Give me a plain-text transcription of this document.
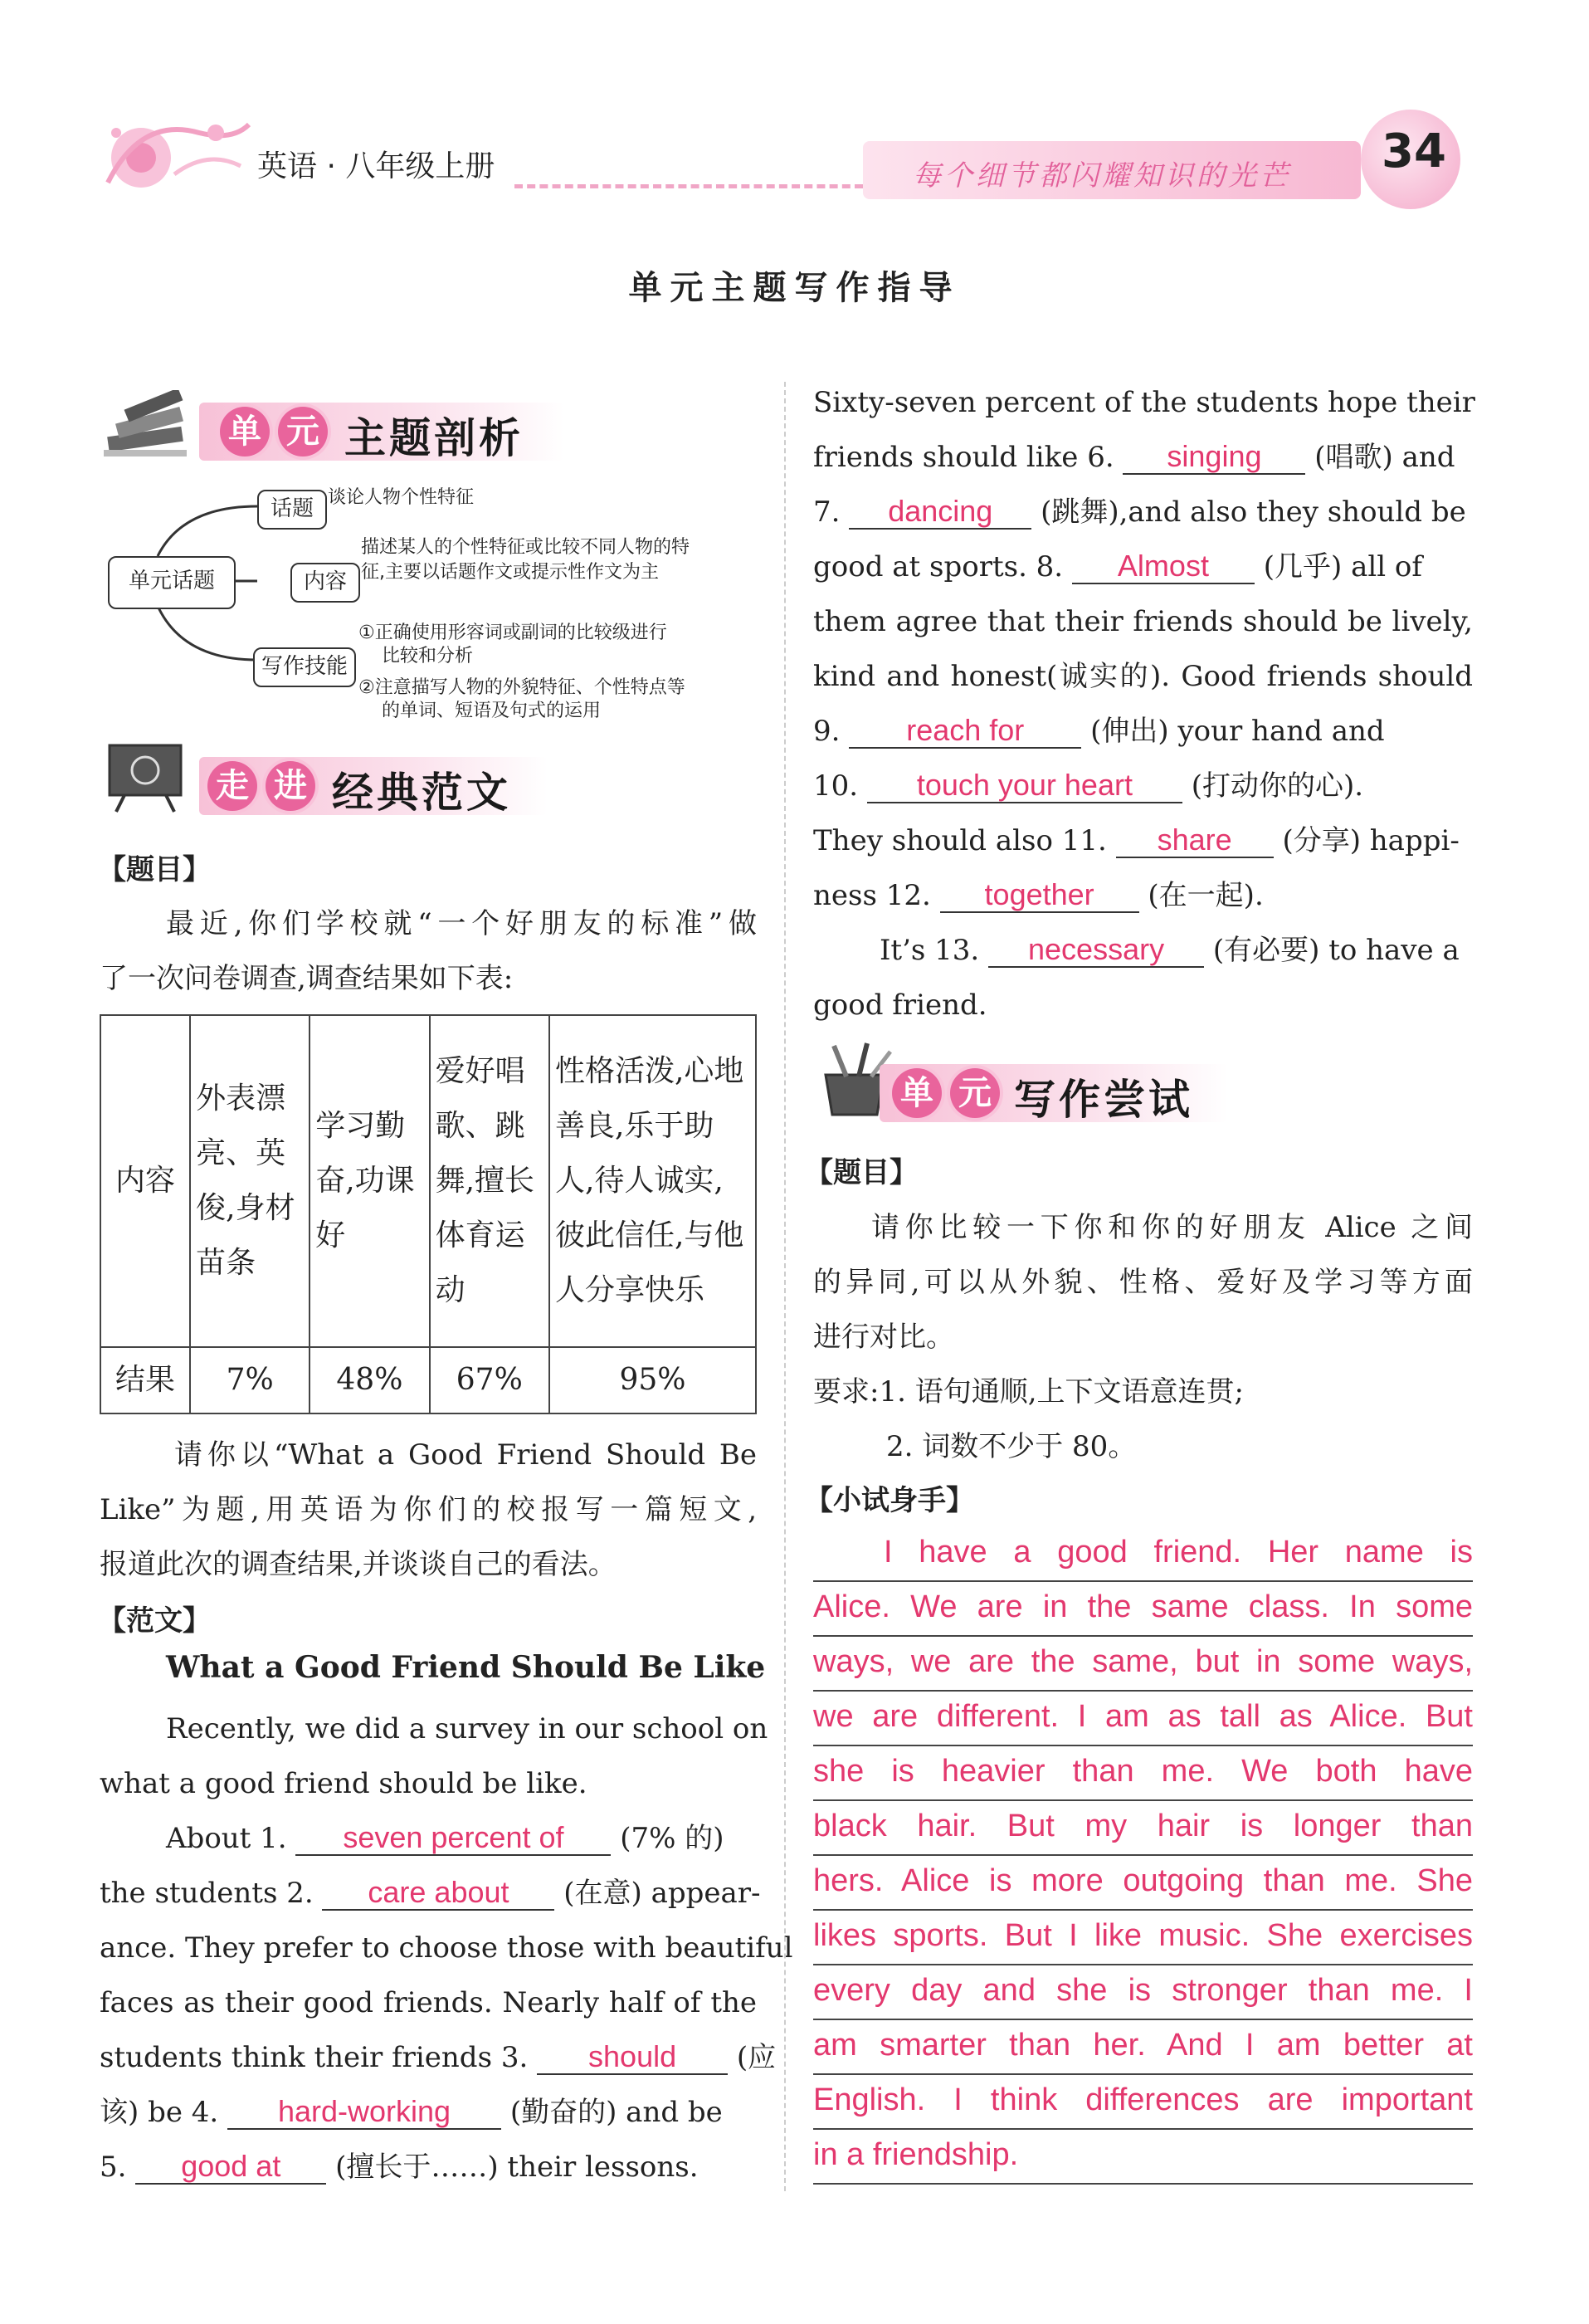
英语 · 八年级上册	每个细节都闪耀知识的光芒 34
单元主题写作指导
单 元 主题剖析
单元话题
话题 谈论人物个性特征
内容
描述某人的个性特征或比较不同人物的特
征,主要以话题作文或提示性作文为主
写作技能
①正确使用形容词或副词的比较级进行
比较和分析
②注意描写人物的外貌特征、个性特点等
的单词、短语及句式的运用
走 进 经典范文
【题目】
最近,你们学校就“一个好朋友的标准”做
了一次问卷调查,调查结果如下表:
内容	外表漂亮、英俊,身材苗条	学习勤奋,功课好	爱好唱歌、跳舞,擅长体育运动	性格活泼,心地善良,乐于助人,待人诚实,彼此信任,与他人分享快乐
结果	7%	48%	67%	95%
请你以“What a Good Friend Should Be
Like”为题,用英语为你们的校报写一篇短文,
报道此次的调查结果,并谈谈自己的看法。
【范文】
What a Good Friend Should Be Like
Recently, we did a survey in our school on
what a good friend should be like.
About 1. seven percent of (7% 的)
the students 2. care about (在意) appear-
ance. They prefer to choose those with beautiful
faces as their good friends. Nearly half of the
students think their friends 3. should (应
该) be 4. hard-working (勤奋的) and be
5. good at (擅长于……) their lessons.
Sixty-seven percent of the students hope their
friends should like 6. singing (唱歌) and
7. dancing (跳舞),and also they should be
good at sports. 8. Almost (几乎) all of
them agree that their friends should be lively,
kind and honest(诚实的). Good friends should
9. reach for (伸出) your hand and
10. touch your heart (打动你的心).
They should also 11. share (分享) happi-
ness 12. together (在一起).
It’s 13. necessary (有必要) to have a
good friend.
单 元 写作尝试
【题目】
请你比较一下你和你的好朋友 Alice 之间
的异同,可以从外貌、性格、爱好及学习等方面
进行对比。
要求:1. 语句通顺,上下文语意连贯;
2. 词数不少于 80。
【小试身手】
I have a good friend. Her name is
Alice. We are in the same class. In some
ways, we are the same, but in some ways,
we are different. I am as tall as Alice. But
she is heavier than me. We both have
black hair. But my hair is longer than
hers. Alice is more outgoing than me. She
likes sports. But I like music. She exercises
every day and she is stronger than me. I
am smarter than her. And I am better at
English. I think differences are important
in a friendship.
